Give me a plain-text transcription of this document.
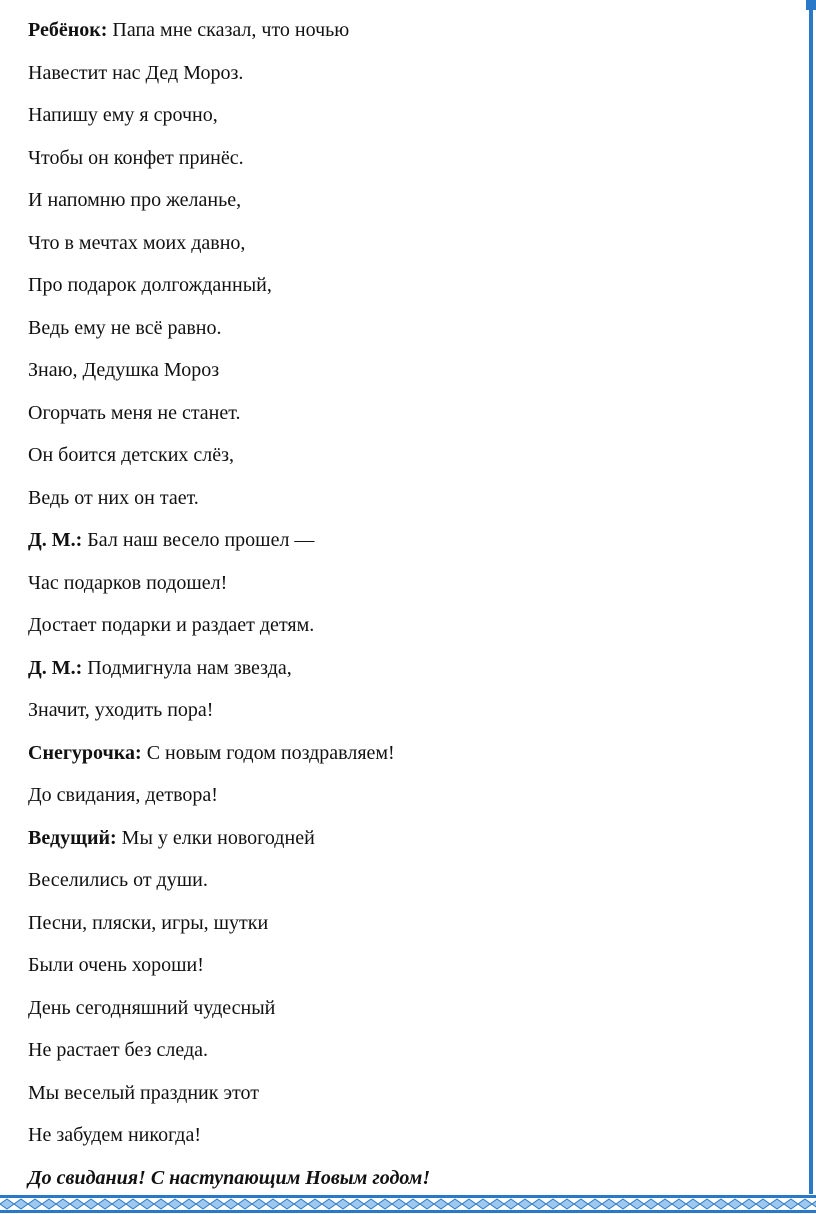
Ребёнок: Папа мне сказал, что ночью
Навестит нас Дед Мороз.
Напишу ему я срочно,
Чтобы он конфет принёс.
И напомню про желанье,
Что в мечтах моих давно,
Про подарок долгожданный,
Ведь ему не всё равно.
Знаю, Дедушка Мороз
Огорчать меня не станет.
Он боится детских слёз,
Ведь от них он тает.
Д. М.: Бал наш весело прошел —
Час подарков подошел!
Достает подарки и раздает детям.
Д. М.: Подмигнула нам звезда,
Значит, уходить пора!
Снегурочка: С новым годом поздравляем!
До свидания, детвора!
Ведущий: Мы у елки новогодней
Веселились от души.
Песни, пляски, игры, шутки
Были очень хороши!
День сегодняшний чудесный
Не растает без следа.
Мы веселый праздник этот
Не забудем никогда!
До свидания! С наступающим Новым годом!
